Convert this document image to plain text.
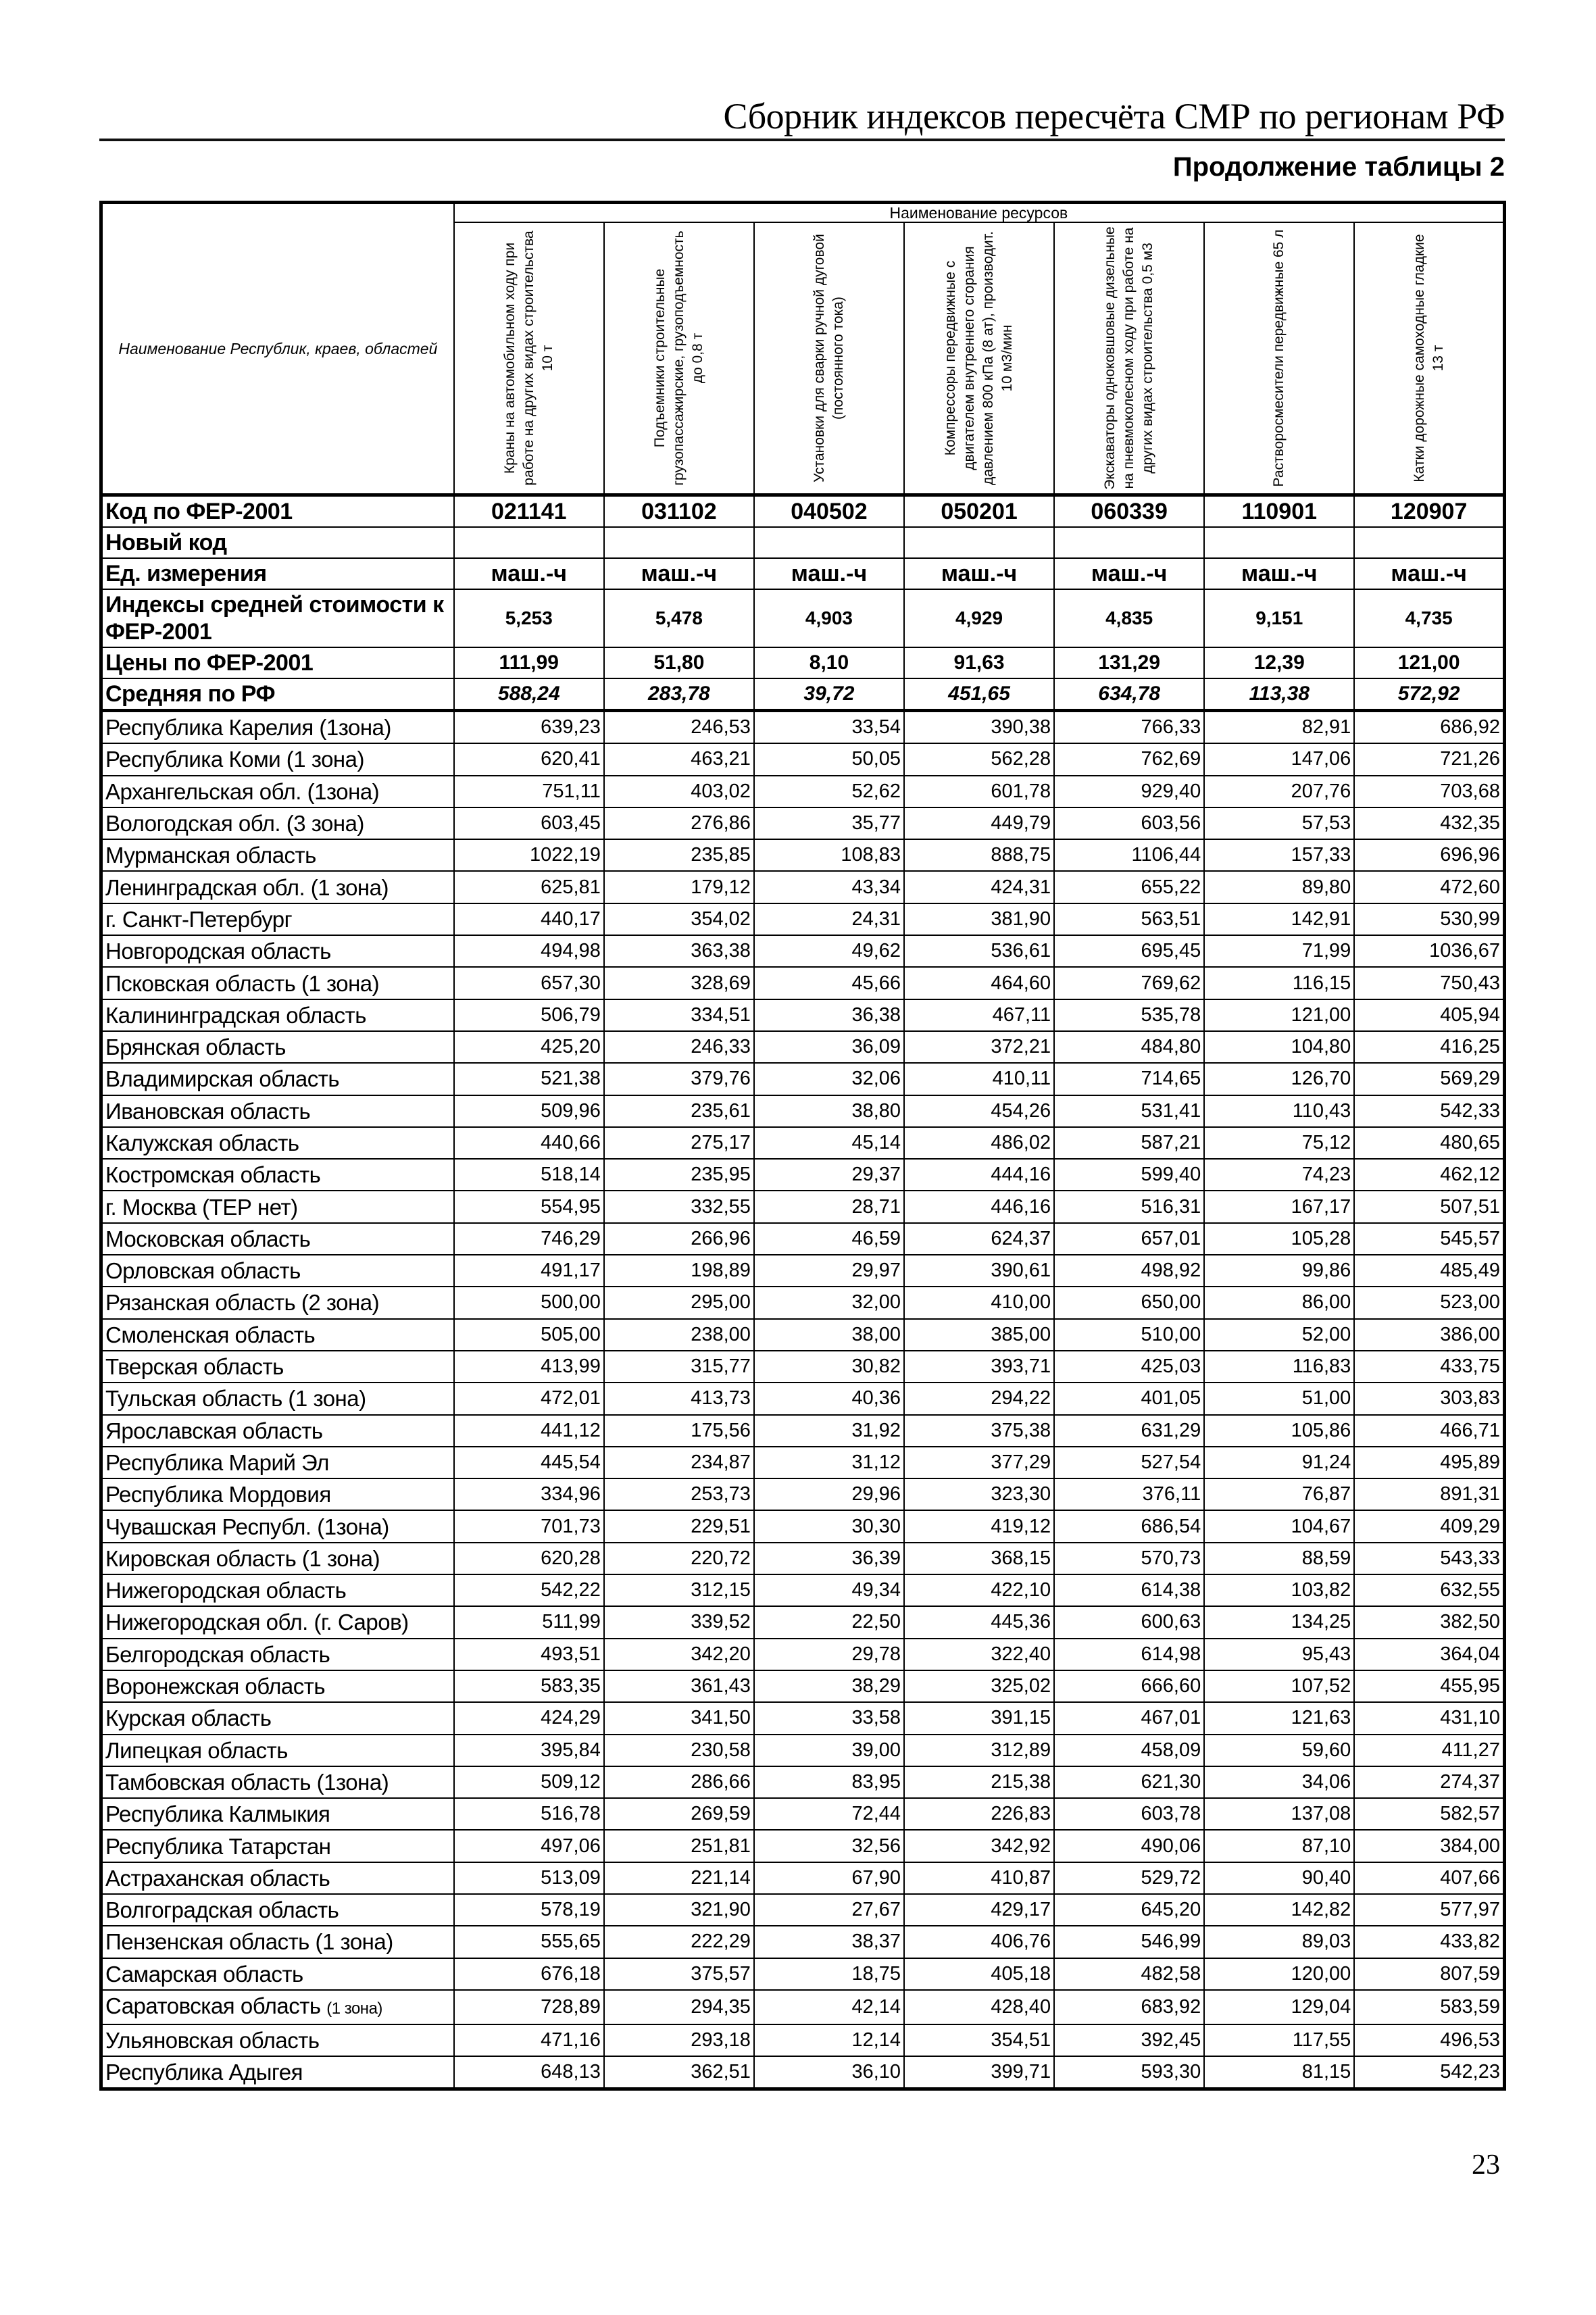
Сборник индексов пересчёта СМР по регионам РФ
Продолжение таблицы 2
Наименование Республик, краев, областей	Наименование ресурсов						

	Краны на автомобильном ходу при работе на других видах строительства 10 т	Подъемники строительные грузопассажирские, грузоподъемность до 0,8 т	Установки для сварки ручной дуговой (постоянного тока)	Компрессоры передвижные с двигателем внутреннего сгорания давлением 800 кПа (8 ат), производит. 10 м3/мин	Экскаваторы одноковшовые дизельные на пневмоколесном ходу при работе на других видах строительства 0,5 м3	Растворосмесители передвижные 65 л	Катки дорожные самоходные гладкие 13 т

Код по ФЕР-2001	021141	031102	040502	050201	060339	110901	120907
Новый код							
Ед. измерения	маш.-ч	маш.-ч	маш.-ч	маш.-ч	маш.-ч	маш.-ч	маш.-ч
Индексы средней стоимости к ФЕР-2001	5,253	5,478	4,903	4,929	4,835	9,151	4,735
Цены по ФЕР-2001	111,99	51,80	8,10	91,63	131,29	12,39	121,00
Средняя по РФ	588,24	283,78	39,72	451,65	634,78	113,38	572,92
Республика Карелия (1зона)	639,23	246,53	33,54	390,38	766,33	82,91	686,92
Республика Коми (1 зона)	620,41	463,21	50,05	562,28	762,69	147,06	721,26
Архангельская обл. (1зона)	751,11	403,02	52,62	601,78	929,40	207,76	703,68
Вологодская обл. (3 зона)	603,45	276,86	35,77	449,79	603,56	57,53	432,35
Мурманская область	1022,19	235,85	108,83	888,75	1106,44	157,33	696,96
Ленинградская обл. (1 зона)	625,81	179,12	43,34	424,31	655,22	89,80	472,60
г. Санкт-Петербург	440,17	354,02	24,31	381,90	563,51	142,91	530,99
Новгородская область	494,98	363,38	49,62	536,61	695,45	71,99	1036,67
Псковская область (1 зона)	657,30	328,69	45,66	464,60	769,62	116,15	750,43
Калининградская область	506,79	334,51	36,38	467,11	535,78	121,00	405,94
Брянская область	425,20	246,33	36,09	372,21	484,80	104,80	416,25
Владимирская область	521,38	379,76	32,06	410,11	714,65	126,70	569,29
Ивановская область	509,96	235,61	38,80	454,26	531,41	110,43	542,33
Калужская область	440,66	275,17	45,14	486,02	587,21	75,12	480,65
Костромская область	518,14	235,95	29,37	444,16	599,40	74,23	462,12
г. Москва (ТЕР нет)	554,95	332,55	28,71	446,16	516,31	167,17	507,51
Московская область	746,29	266,96	46,59	624,37	657,01	105,28	545,57
Орловская область	491,17	198,89	29,97	390,61	498,92	99,86	485,49
Рязанская область (2 зона)	500,00	295,00	32,00	410,00	650,00	86,00	523,00
Смоленская область	505,00	238,00	38,00	385,00	510,00	52,00	386,00
Тверская область	413,99	315,77	30,82	393,71	425,03	116,83	433,75
Тульская область (1 зона)	472,01	413,73	40,36	294,22	401,05	51,00	303,83
Ярославская область	441,12	175,56	31,92	375,38	631,29	105,86	466,71
Республика Марий Эл	445,54	234,87	31,12	377,29	527,54	91,24	495,89
Республика Мордовия	334,96	253,73	29,96	323,30	376,11	76,87	891,31
Чувашская Республ. (1зона)	701,73	229,51	30,30	419,12	686,54	104,67	409,29
Кировская область (1 зона)	620,28	220,72	36,39	368,15	570,73	88,59	543,33
Нижегородская область	542,22	312,15	49,34	422,10	614,38	103,82	632,55
Нижегородская обл. (г. Саров)	511,99	339,52	22,50	445,36	600,63	134,25	382,50
Белгородская область	493,51	342,20	29,78	322,40	614,98	95,43	364,04
Воронежская область	583,35	361,43	38,29	325,02	666,60	107,52	455,95
Курская область	424,29	341,50	33,58	391,15	467,01	121,63	431,10
Липецкая область	395,84	230,58	39,00	312,89	458,09	59,60	411,27
Тамбовская область (1зона)	509,12	286,66	83,95	215,38	621,30	34,06	274,37
Республика Калмыкия	516,78	269,59	72,44	226,83	603,78	137,08	582,57
Республика Татарстан	497,06	251,81	32,56	342,92	490,06	87,10	384,00
Астраханская область	513,09	221,14	67,90	410,87	529,72	90,40	407,66
Волгоградская область	578,19	321,90	27,67	429,17	645,20	142,82	577,97
Пензенская область (1 зона)	555,65	222,29	38,37	406,76	546,99	89,03	433,82
Самарская область	676,18	375,57	18,75	405,18	482,58	120,00	807,59
Саратовская область (1 зона)	728,89	294,35	42,14	428,40	683,92	129,04	583,59
Ульяновская область	471,16	293,18	12,14	354,51	392,45	117,55	496,53
Республика Адыгея	648,13	362,51	36,10	399,71	593,30	81,15	542,23
23
